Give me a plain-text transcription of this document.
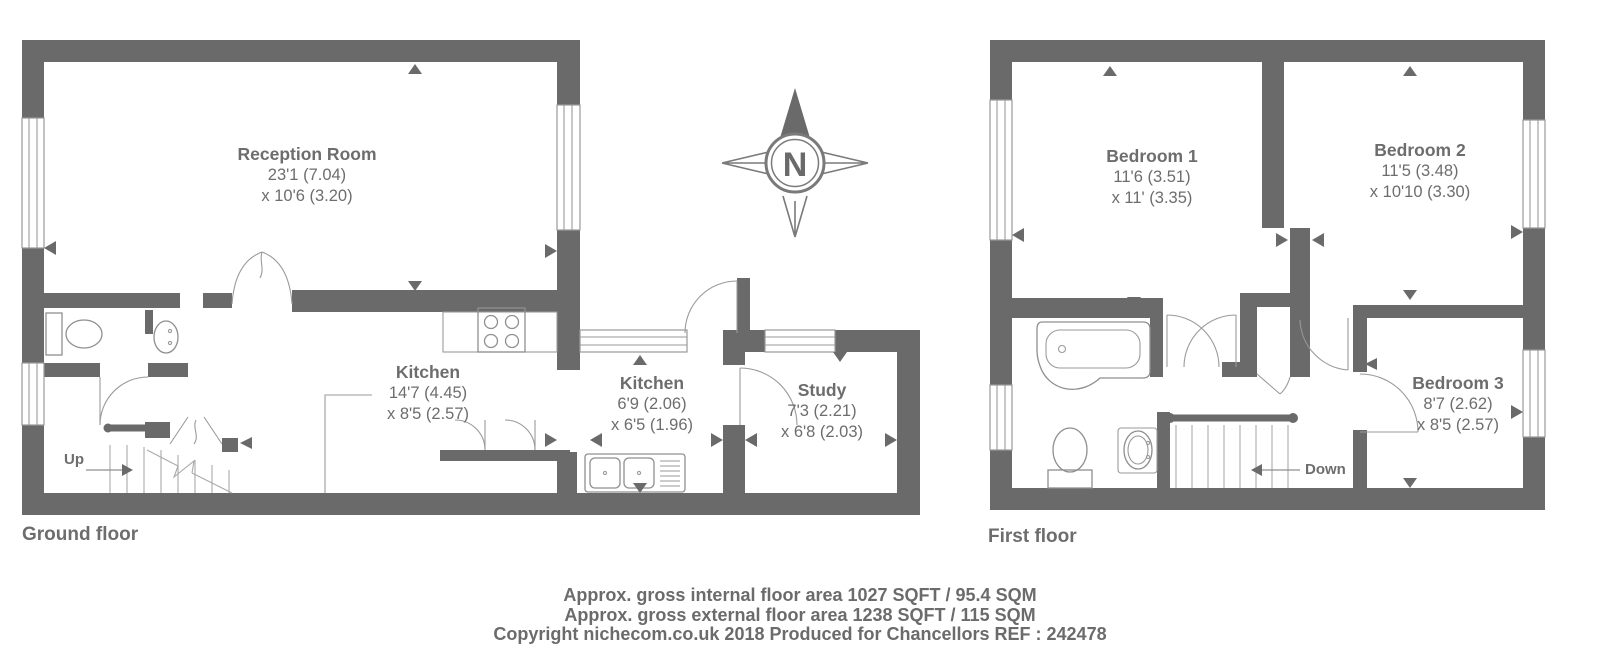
N
Reception Room
23'1 (7.04)
x 10'6 (3.20)
Kitchen
14'7 (4.45)
x 8'5 (2.57)
Kitchen
6'9 (2.06)
x 6'5 (1.96)
Study
7'3 (2.21)
x 6'8 (2.03)
Bedroom 1
11'6 (3.51)
x 11' (3.35)
Bedroom 2
11'5 (3.48)
x 10'10 (3.30)
Bedroom 3
8'7 (2.62)
x 8'5 (2.57)
Up
Down
Ground floor	First floor
Approx. gross internal floor area 1027 SQFT / 95.4 SQM
Approx. gross external floor area 1238 SQFT / 115 SQM
Copyright nichecom.co.uk 2018 Produced for Chancellors REF : 242478
